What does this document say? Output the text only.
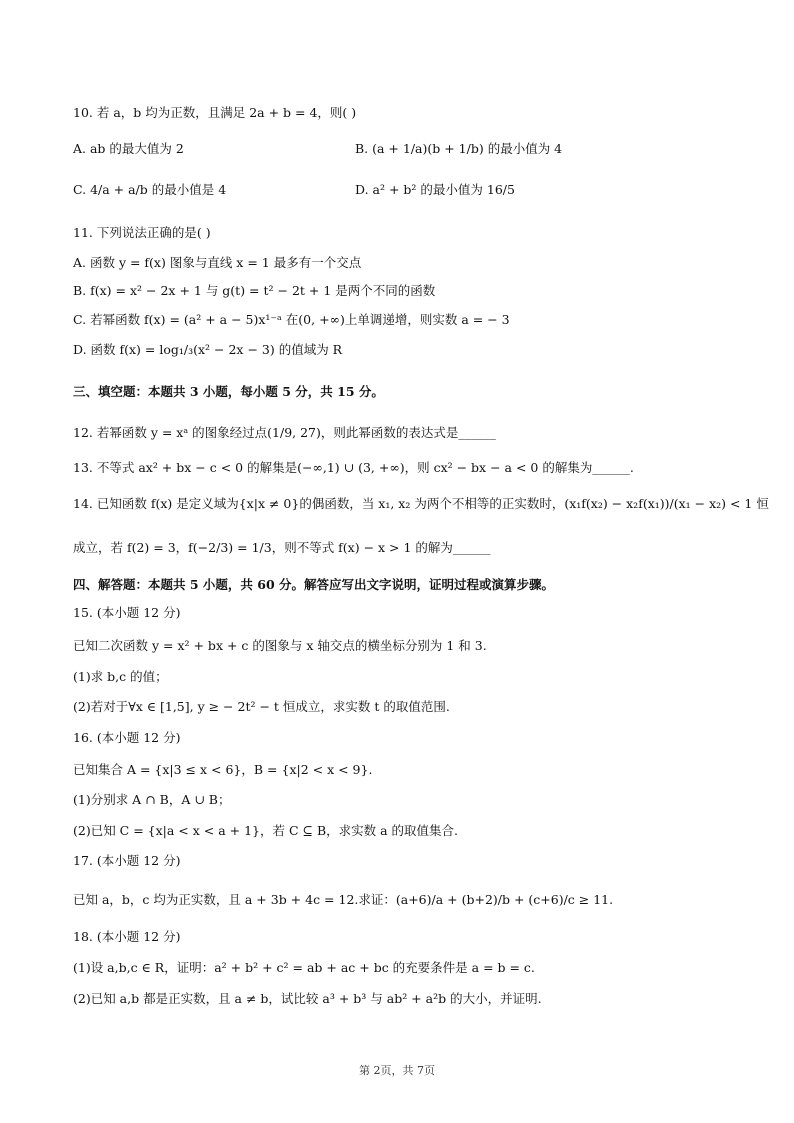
10. 若 a，b 均为正数，且满足 2a + b = 4，则( )
A. ab 的最大值为 2	B. (a + 1/a)(b + 1/b) 的最小值为 4
C. 4/a + a/b 的最小值是 4	D. a² + b² 的最小值为 16/5
11. 下列说法正确的是( )
A. 函数 y = f(x) 图象与直线 x = 1 最多有一个交点
B. f(x) = x² − 2x + 1 与 g(t) = t² − 2t + 1 是两个不同的函数
C. 若幂函数 f(x) = (a² + a − 5)x¹⁻ᵃ 在(0, +∞)上单调递增，则实数 a = − 3
D. 函数 f(x) = log₁/₃(x² − 2x − 3) 的值域为 R
三、填空题：本题共 3 小题，每小题 5 分，共 15 分。
12. 若幂函数 y = xᵃ 的图象经过点(1/9, 27)，则此幂函数的表达式是______
13. 不等式 ax² + bx − c < 0 的解集是(−∞,1) ∪ (3, +∞)，则 cx² − bx − a < 0 的解集为______.
14. 已知函数 f(x) 是定义域为{x|x ≠ 0}的偶函数，当 x₁, x₂ 为两个不相等的正实数时，(x₁f(x₂) − x₂f(x₁))/(x₁ − x₂) < 1 恒
成立，若 f(2) = 3，f(−2/3) = 1/3，则不等式 f(x) − x > 1 的解为______
四、解答题：本题共 5 小题，共 60 分。解答应写出文字说明，证明过程或演算步骤。
15. (本小题 12 分)
已知二次函数 y = x² + bx + c 的图象与 x 轴交点的横坐标分别为 1 和 3.
(1)求 b,c 的值；
(2)若对于∀x ∈ [1,5], y ≥ − 2t² − t 恒成立，求实数 t 的取值范围.
16. (本小题 12 分)
已知集合 A = {x|3 ≤ x < 6}，B = {x|2 < x < 9}.
(1)分别求 A ∩ B，A ∪ B；
(2)已知 C = {x|a < x < a + 1}，若 C ⊆ B，求实数 a 的取值集合.
17. (本小题 12 分)
已知 a，b，c 均为正实数，且 a + 3b + 4c = 12.求证：(a+6)/a + (b+2)/b + (c+6)/c ≥ 11.
18. (本小题 12 分)
(1)设 a,b,c ∈ R，证明：a² + b² + c² = ab + ac + bc 的充要条件是 a = b = c.
(2)已知 a,b 都是正实数，且 a ≠ b，试比较 a³ + b³ 与 ab² + a²b 的大小，并证明.
第 2页，共 7页
